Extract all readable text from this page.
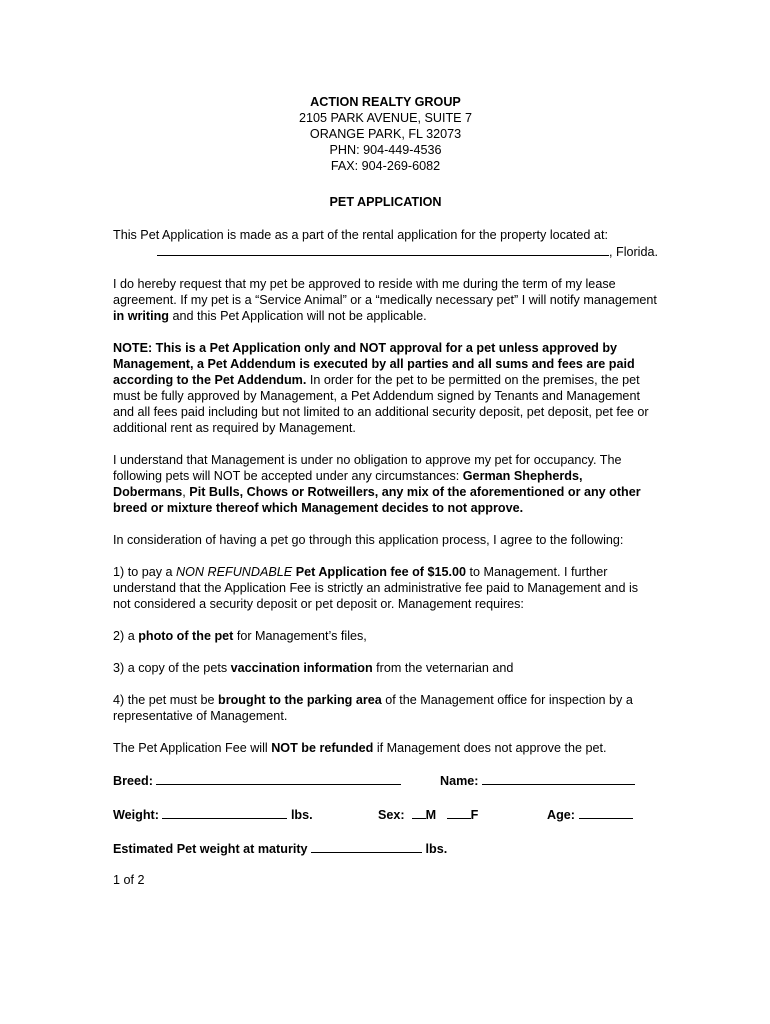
ACTION REALTY GROUP
2105 PARK AVENUE, SUITE 7
ORANGE PARK, FL 32073
PHN: 904-449-4536
FAX: 904-269-6082
PET APPLICATION

This Pet Application is made as a part of the rental application for the property located at:

, Florida.

I do hereby request that my pet be approved to reside with me during the term of my lease agreement. If my pet is a “Service Animal” or a “medically necessary pet” I will notify management in writing and this Pet Application will not be applicable.

NOTE: This is a Pet Application only and NOT approval for a pet unless approved by Management, a Pet Addendum is executed by all parties and all sums and fees are paid according to the Pet Addendum. In order for the pet to be permitted on the premises, the pet must be fully approved by Management, a Pet Addendum signed by Tenants and Management and all fees paid including but not limited to an additional security deposit, pet deposit, pet fee or additional rent as required by Management.

I understand that Management is under no obligation to approve my pet for occupancy. The following pets will NOT be accepted under any circumstances: German Shepherds, Dobermans, Pit Bulls, Chows or Rotweillers, any mix of the aforementioned or any other breed or mixture thereof which Management decides to not approve.

In consideration of having a pet go through this application process, I agree to the following:

1) to pay a NON REFUNDABLE Pet Application fee of $15.00 to Management. I further understand that the Application Fee is strictly an administrative fee paid to Management and is not considered a security deposit or pet deposit or. Management requires:

2) a photo of the pet for Management’s files,

3) a copy of the pets vaccination information from the veternarian and

4) the pet must be brought to the parking area of the Management office for inspection by a representative of Management.

The Pet Application Fee will NOT be refunded if Management does not approve the pet.

Breed:	Name:
Weight:	lbs.	Sex: M	F	Age:
Estimated Pet weight at maturity	lbs.

1 of 2
